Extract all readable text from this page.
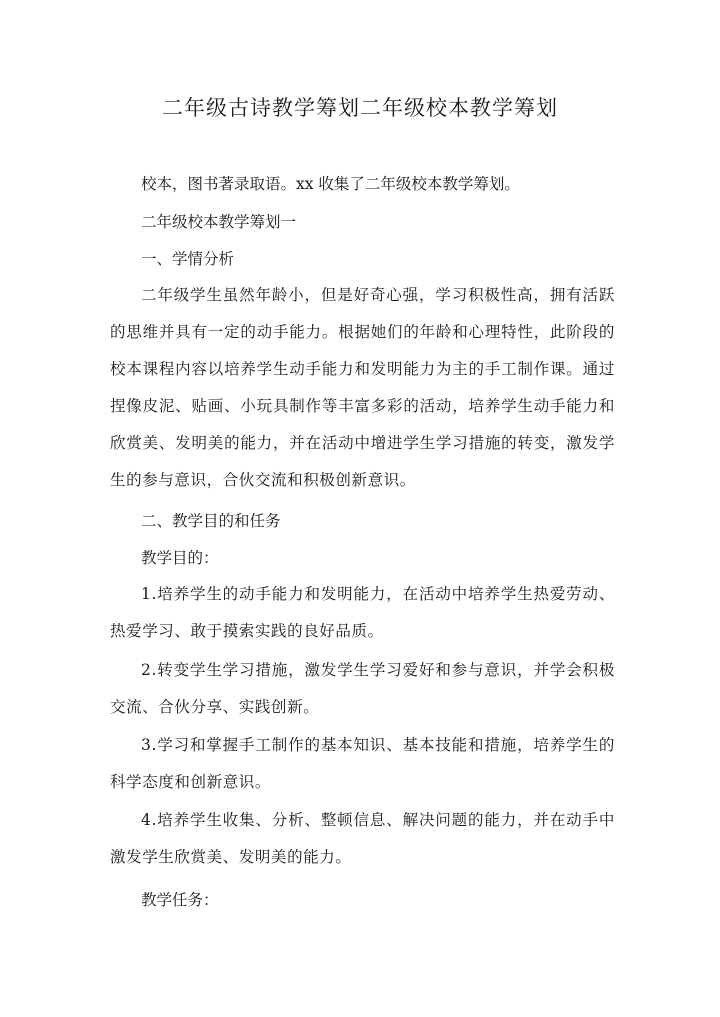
二年级古诗教学筹划二年级校本教学筹划
校本，图书著录取语。xx 收集了二年级校本教学筹划。
二年级校本教学筹划一
一、学情分析

二年级学生虽然年龄小，但是好奇心强，学习积极性高，拥有活跃的思维并具有一定的动手能力。根据她们的年龄和心理特性，此阶段的校本课程内容以培养学生动手能力和发明能力为主的手工制作课。通过捏像皮泥、贴画、小玩具制作等丰富多彩的活动，培养学生动手能力和欣赏美、发明美的能力，并在活动中增进学生学习措施的转变，激发学生的参与意识，合伙交流和积极创新意识。

二、教学目的和任务
教学目的：

1.培养学生的动手能力和发明能力，在活动中培养学生热爱劳动、热爱学习、敢于摸索实践的良好品质。

2.转变学生学习措施，激发学生学习爱好和参与意识，并学会积极交流、合伙分享、实践创新。

3.学习和掌握手工制作的基本知识、基本技能和措施，培养学生的科学态度和创新意识。

4.培养学生收集、分析、整顿信息、解决问题的能力，并在动手中激发学生欣赏美、发明美的能力。

教学任务：
